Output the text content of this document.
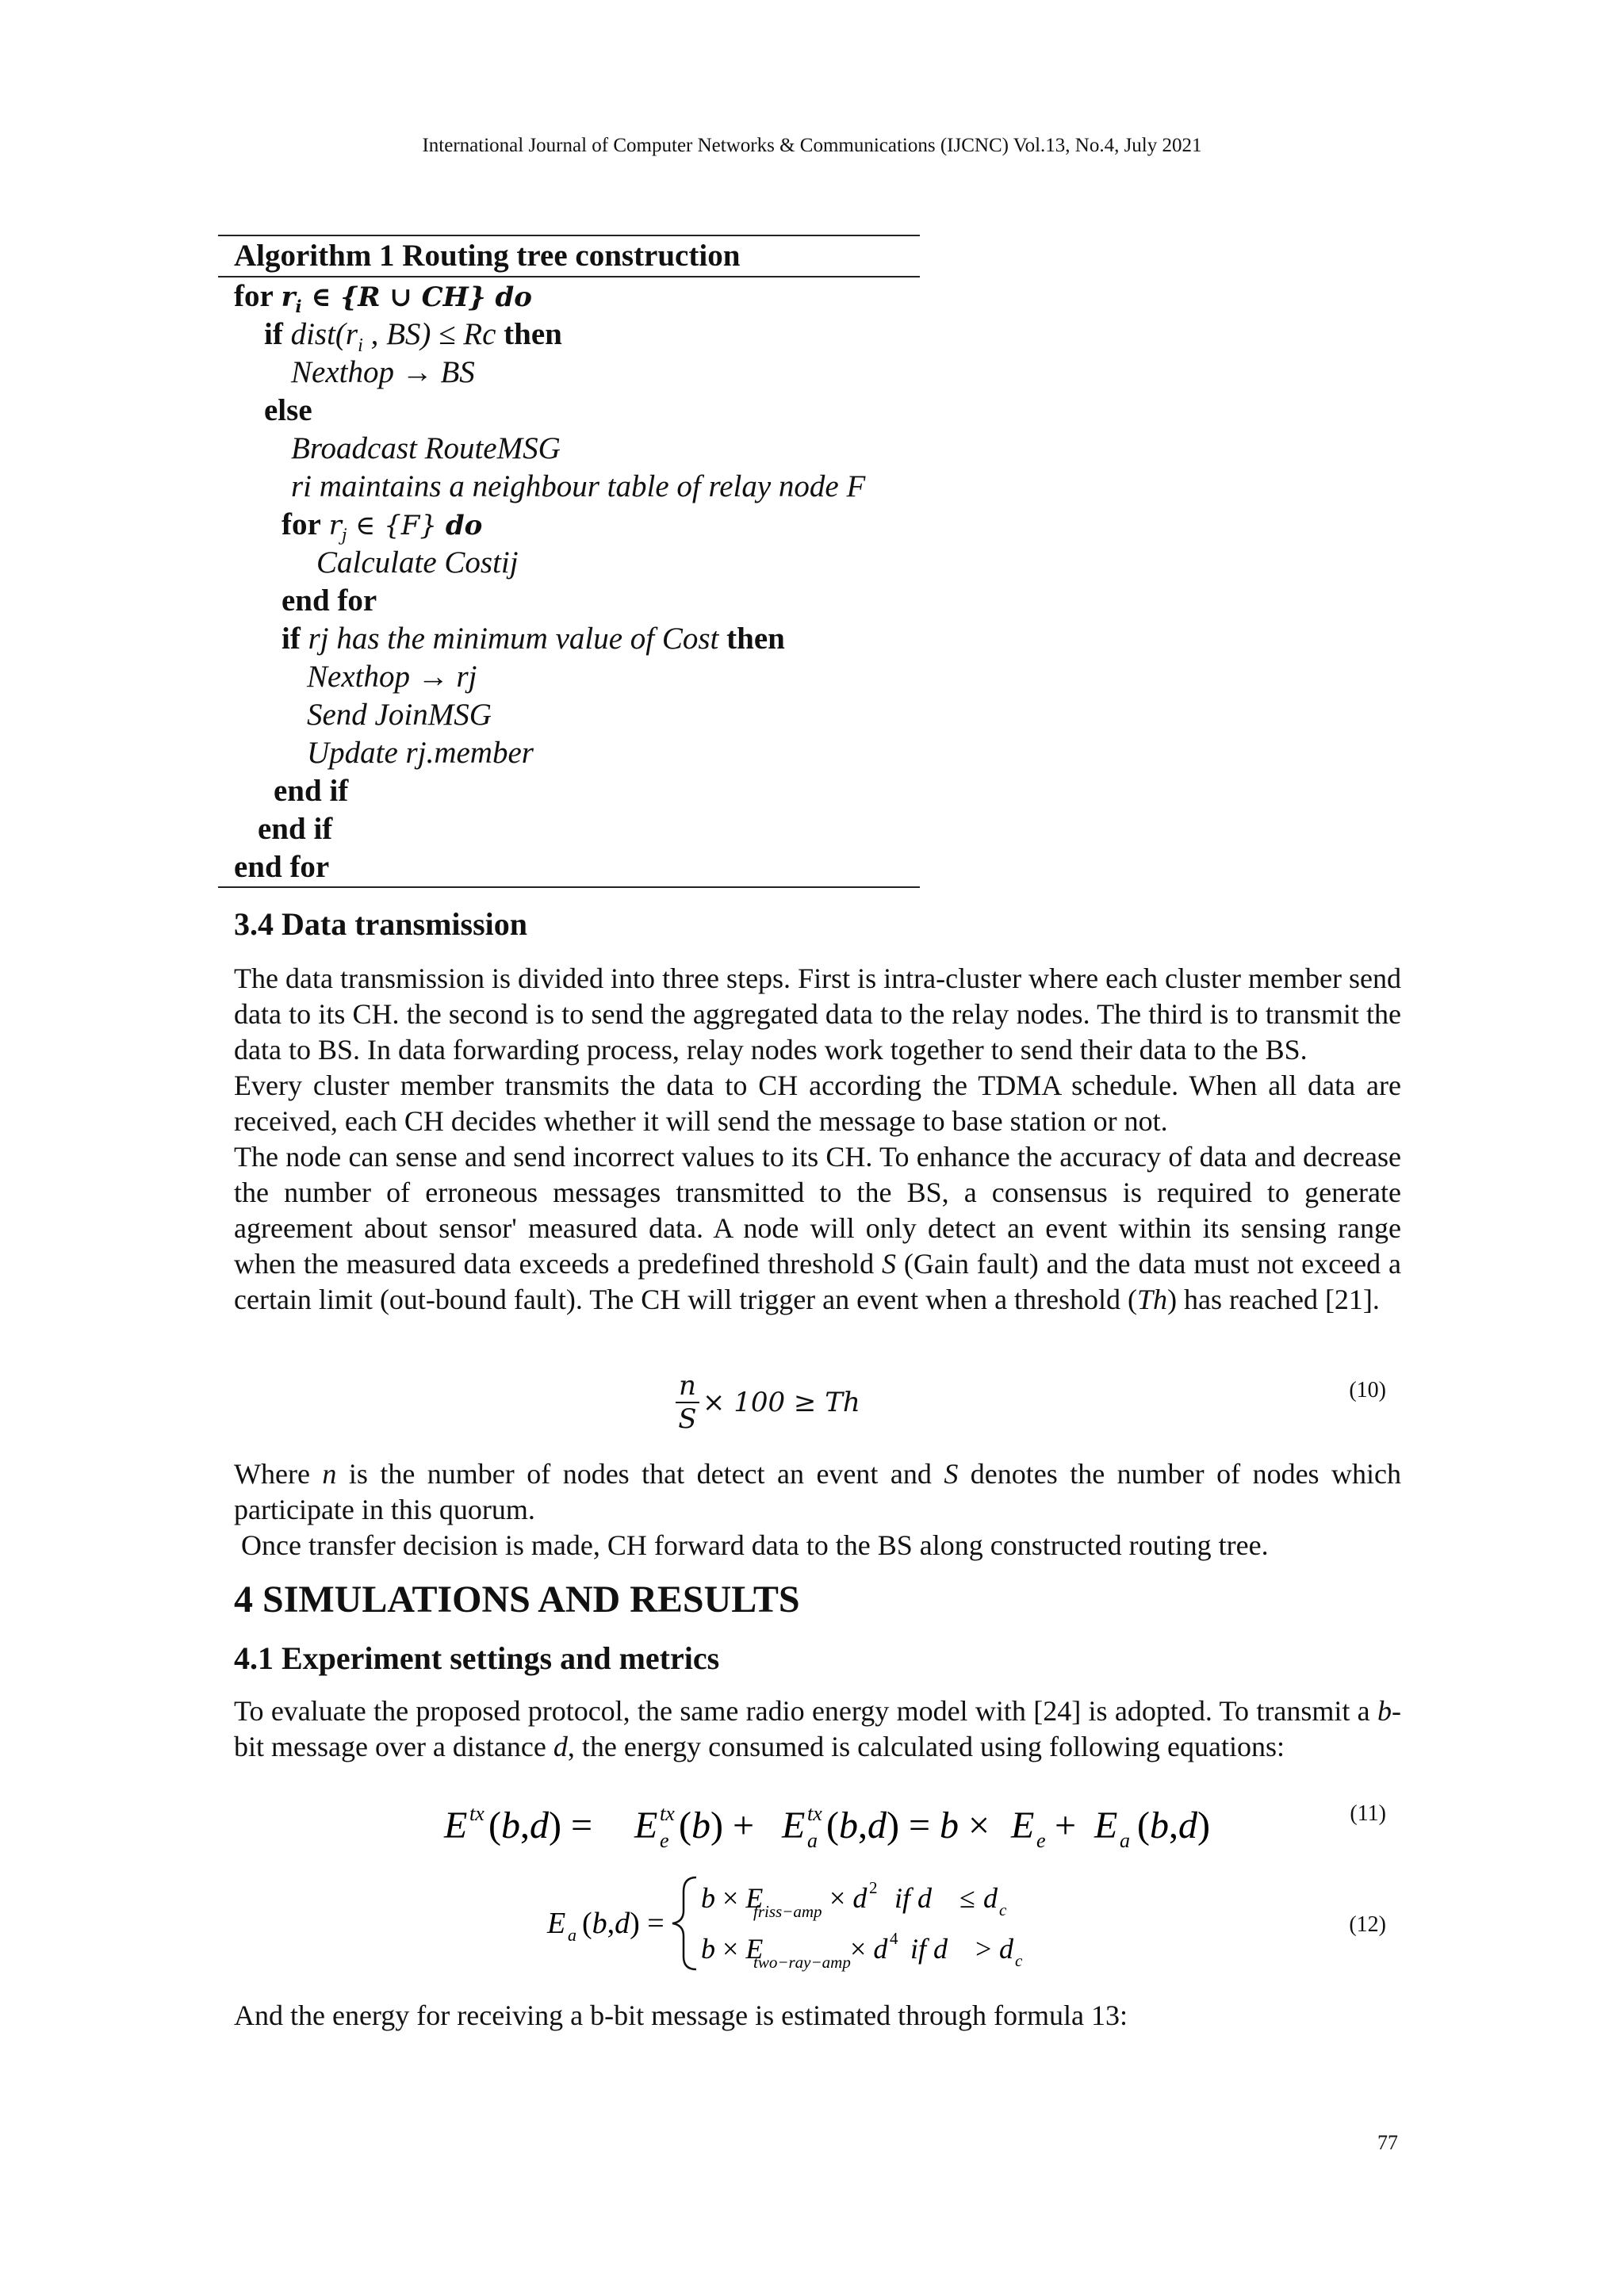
International Journal of Computer Networks & Communications (IJCNC) Vol.13, No.4, July 2021
Algorithm 1 Routing tree construction
for $r_i$ ∈ {R ∪ CH} do
if $dist(r_i$ , BS) ≤ Rc then
Nexthop → BS
else
Broadcast RouteMSG
ri maintains a neighbour table of relay node F
for $r_j$ ∈ {F} do
Calculate Costij
end for
if rj has the minimum value of Cost then
Nexthop → rj
Send JoinMSG
Update rj.member
end if
end if
end for
3.4 Data transmission

The data transmission is divided into three steps. First is intra-cluster where each cluster member send data to its CH. the second is to send the aggregated data to the relay nodes. The third is to transmit the data to BS. In data forwarding process, relay nodes work together to send their data to the BS.

Every cluster member transmits the data to CH according the TDMA schedule. When all data are received, each CH decides whether it will send the message to base station or not.

The node can sense and send incorrect values to its CH. To enhance the accuracy of data and decrease the number of erroneous messages transmitted to the BS, a consensus is required to generate agreement about sensor' measured data. A node will only detect an event within its sensing range when the measured data exceeds a predefined threshold S (Gain fault) and the data must not exceed a certain limit (out-bound fault). The CH will trigger an event when a threshold (Th) has reached [21].

$\frac{n}{S} \times 100 \ge Th$	(10)

Where n is the number of nodes that detect an event and S denotes the number of nodes which participate in this quorum.

Once transfer decision is made, CH forward data to the BS along constructed routing tree.

4 SIMULATIONS AND RESULTS
4.1 Experiment settings and metrics

To evaluate the proposed protocol, the same radio energy model with [24] is adopted. To transmit a b-bit message over a distance d, the energy consumed is calculated using following equations:

E tx (b,d) = E tx
e (b) + E tx
a (b,d) = b × E e + E a (b,d)	(11)
E a (b,d) =
b × E
friss−amp × d 2 if d ≤ d c
b × E
two−ray−amp × d 4 if d > d c
(12)

And the energy for receiving a b-bit message is estimated through formula 13:

77
